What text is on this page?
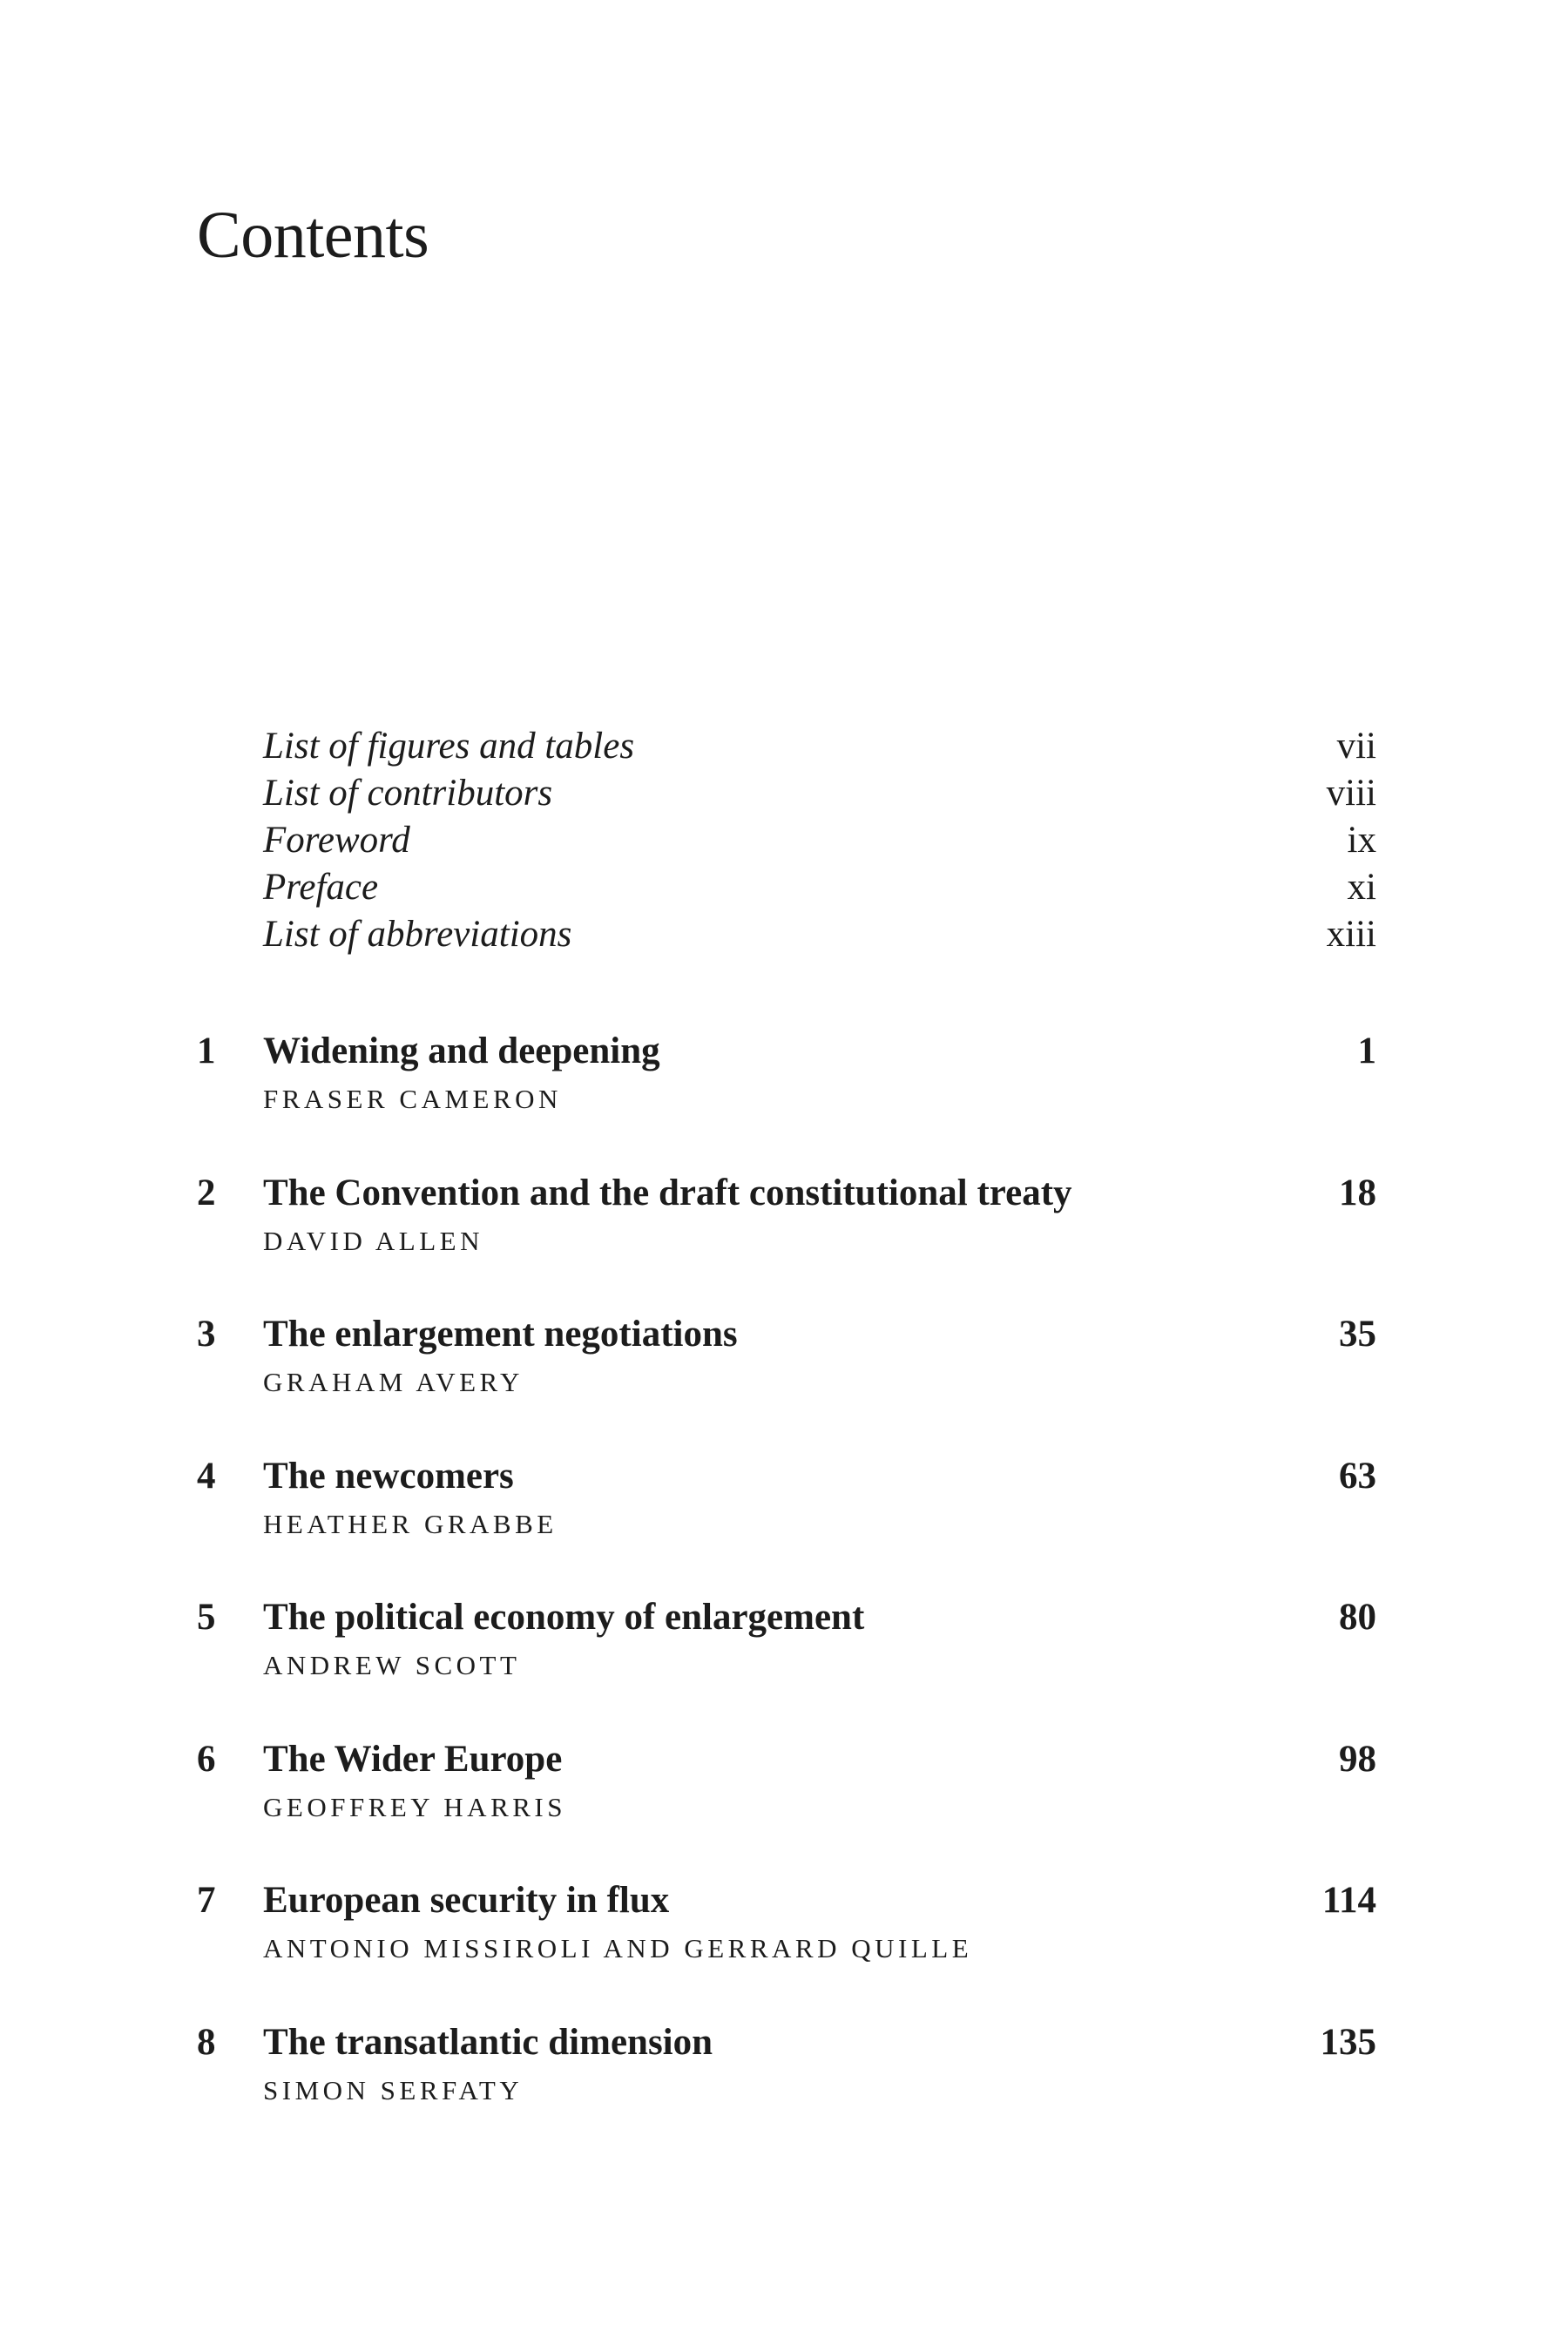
Contents
List of figures and tables	vii
List of contributors	viii
Foreword	ix
Preface	xi
List of abbreviations	xiii
1 Widening and deepening	1
FRASER CAMERON
2 The Convention and the draft constitutional treaty	18
DAVID ALLEN
3 The enlargement negotiations	35
GRAHAM AVERY
4 The newcomers	63
HEATHER GRABBE
5 The political economy of enlargement	80
ANDREW SCOTT
6 The Wider Europe	98
GEOFFREY HARRIS
7 European security in flux	114
ANTONIO MISSIROLI AND GERRARD QUILLE
8 The transatlantic dimension	135
SIMON SERFATY
